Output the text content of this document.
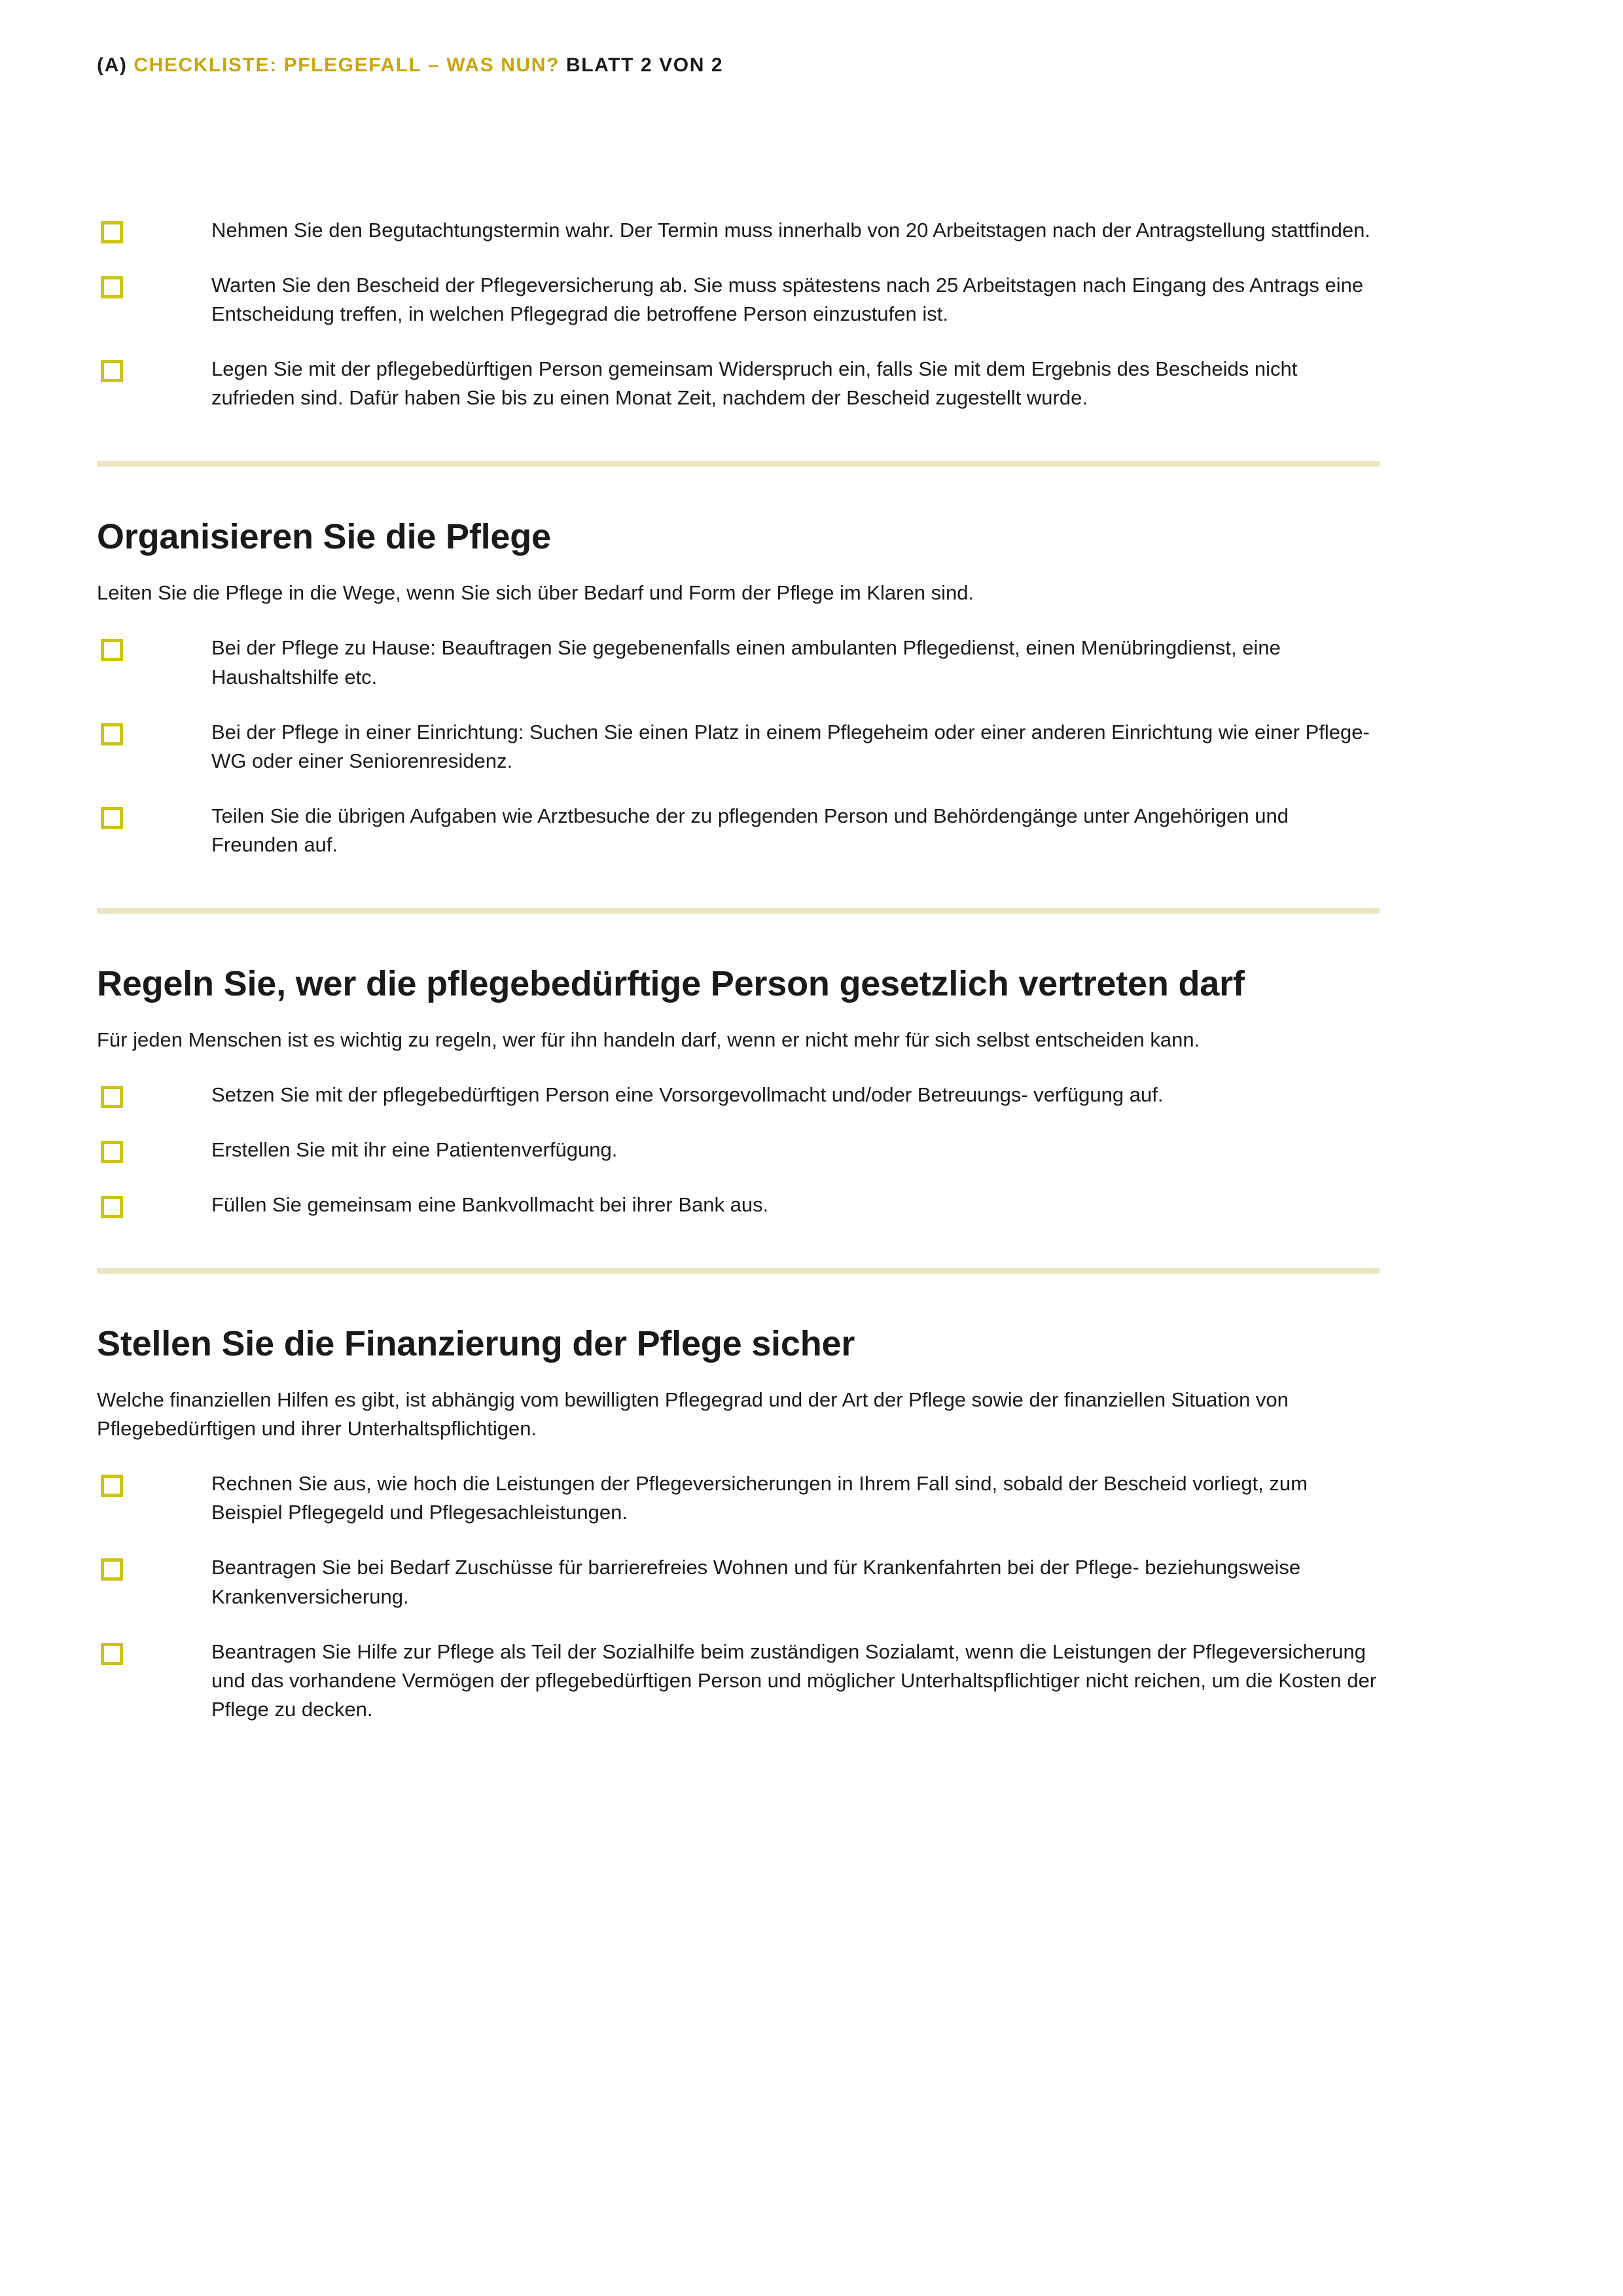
(A) CHECKLISTE: PFLEGEFALL – WAS NUN? BLATT 2 VON 2
Nehmen Sie den Begutachtungstermin wahr. Der Termin muss innerhalb von 20 Arbeitstagen nach der Antragstellung stattfinden.
Warten Sie den Bescheid der Pflegeversicherung ab. Sie muss spätestens nach 25 Arbeitstagen nach Eingang des Antrags eine Entscheidung treffen, in welchen Pflegegrad die betroffene Person einzustufen ist.
Legen Sie mit der pflegebedürftigen Person gemeinsam Widerspruch ein, falls Sie mit dem Ergebnis des Bescheids nicht zufrieden sind. Dafür haben Sie bis zu einen Monat Zeit, nachdem der Bescheid zugestellt wurde.
Organisieren Sie die Pflege

Leiten Sie die Pflege in die Wege, wenn Sie sich über Bedarf und Form der Pflege im Klaren sind.

Bei der Pflege zu Hause: Beauftragen Sie gegebenenfalls einen ambulanten Pflegedienst, einen Menübringdienst, eine Haushaltshilfe etc.
Bei der Pflege in einer Einrichtung: Suchen Sie einen Platz in einem Pflegeheim oder einer anderen Einrichtung wie einer Pflege-WG oder einer Seniorenresidenz.
Teilen Sie die übrigen Aufgaben wie Arztbesuche der zu pflegenden Person und Behördengänge unter Angehörigen und Freunden auf.
Regeln Sie, wer die pflegebedürftige Person gesetzlich vertreten darf

Für jeden Menschen ist es wichtig zu regeln, wer für ihn handeln darf, wenn er nicht mehr für sich selbst entscheiden kann.

Setzen Sie mit der pflegebedürftigen Person eine Vorsorgevollmacht und/oder Betreuungs- verfügung auf.
Erstellen Sie mit ihr eine Patientenverfügung.
Füllen Sie gemeinsam eine Bankvollmacht bei ihrer Bank aus.
Stellen Sie die Finanzierung der Pflege sicher

Welche finanziellen Hilfen es gibt, ist abhängig vom bewilligten Pflegegrad und der Art der Pflege sowie der finanziellen Situation von Pflegebedürftigen und ihrer Unterhaltspflichtigen.

Rechnen Sie aus, wie hoch die Leistungen der Pflegeversicherungen in Ihrem Fall sind, sobald der Bescheid vorliegt, zum Beispiel Pflegegeld und Pflegesachleistungen.
Beantragen Sie bei Bedarf Zuschüsse für barrierefreies Wohnen und für Krankenfahrten bei der Pflege- beziehungsweise Krankenversicherung.
Beantragen Sie Hilfe zur Pflege als Teil der Sozialhilfe beim zuständigen Sozialamt, wenn die Leistungen der Pflegeversicherung und das vorhandene Vermögen der pflegebedürftigen Person und möglicher Unterhaltspflichtiger nicht reichen, um die Kosten der Pflege zu decken.
